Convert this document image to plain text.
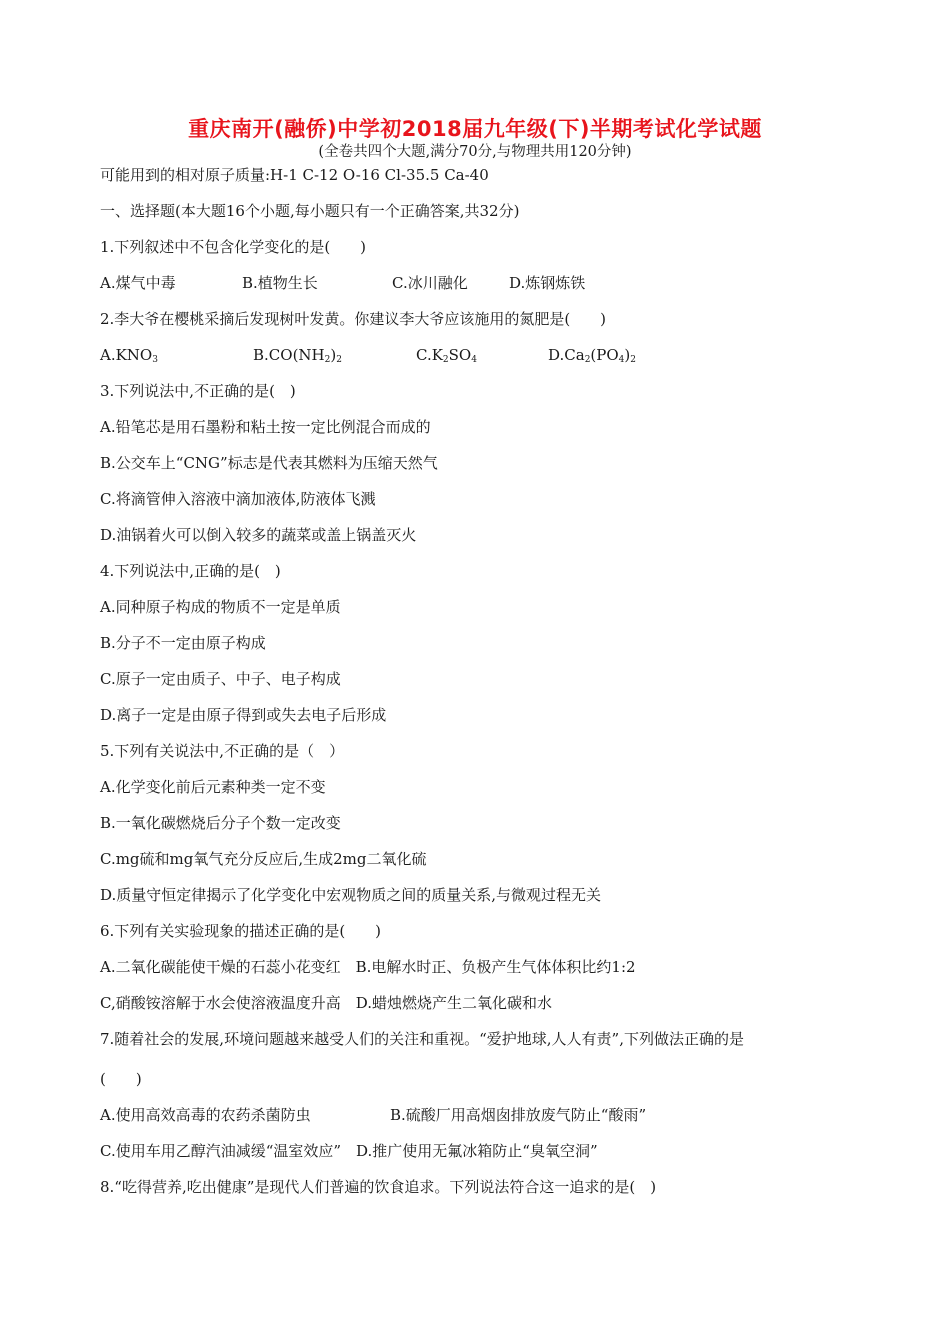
重庆南开(融侨)中学初2018届九年级(下)半期考试化学试题
(全卷共四个大题,满分70分,与物理共用120分钟)
可能用到的相对原子质量:H-1 C-12 O-16 Cl-35.5 Ca-40
一、选择题(本大题16个小题,每小题只有一个正确答案,共32分)
1.下列叙述中不包含化学变化的是(　　)
A.煤气中毒	B.植物生长	C.冰川融化	D.炼钢炼铁
2.李大爷在樱桃采摘后发现树叶发黄。你建议李大爷应该施用的氮肥是(　　)
$A.KNO_3$	$B.CO(NH_2)_2$	$C.K_2SO_4$	$D.Ca_2(PO_4)_2$
3.下列说法中,不正确的是(　)
A.铅笔芯是用石墨粉和粘土按一定比例混合而成的
B.公交车上“CNG”标志是代表其燃料为压缩天然气
C.将滴管伸入溶液中滴加液体,防液体飞溅
D.油锅着火可以倒入较多的蔬菜或盖上锅盖灭火
4.下列说法中,正确的是(　)
A.同种原子构成的物质不一定是单质
B.分子不一定由原子构成
C.原子一定由质子、中子、电子构成
D.离子一定是由原子得到或失去电子后形成
5.下列有关说法中,不正确的是（　）
A.化学变化前后元素种类一定不变
B.一氧化碳燃烧后分子个数一定改变
C.mg硫和mg氧气充分反应后,生成2mg二氧化硫
D.质量守恒定律揭示了化学变化中宏观物质之间的质量关系,与微观过程无关
6.下列有关实验现象的描述正确的是(　　)
A.二氧化碳能使干燥的石蕊小花变红　B.电解水时正、负极产生气体体积比约1:2
C,硝酸铵溶解于水会使溶液温度升高　D.蜡烛燃烧产生二氧化碳和水
7.随着社会的发展,环境问题越来越受人们的关注和重视。“爱护地球,人人有责”,下列做法正确的是
(　　)
A.使用高效高毒的农药杀菌防虫	B.硫酸厂用高烟囱排放废气防止“酸雨”
C.使用车用乙醇汽油减缓“温室效应”　D.推广使用无氟冰箱防止“臭氧空洞”
8.“吃得营养,吃出健康”是现代人们普遍的饮食追求。下列说法符合这一追求的是(　)
